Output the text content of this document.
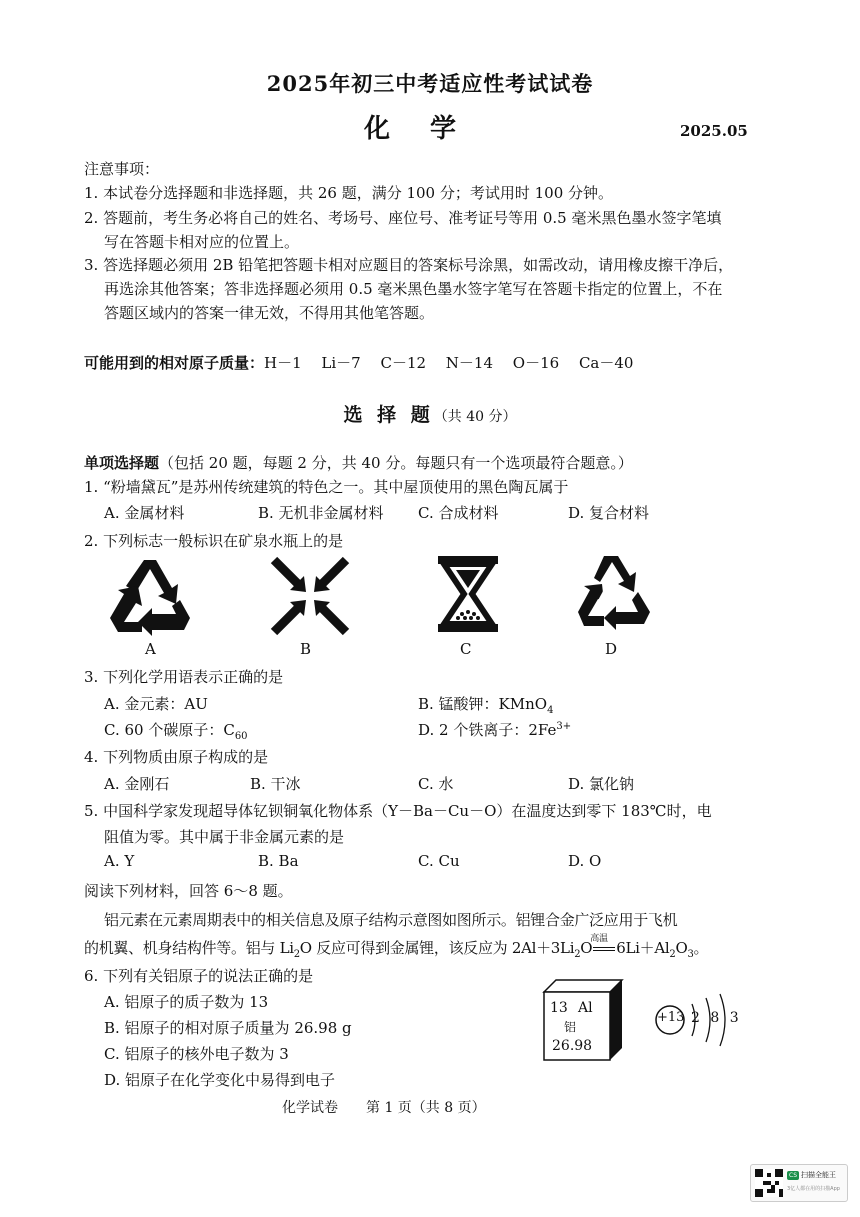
2025年初三中考适应性考试试卷
化学	2025.05
注意事项：
1. 本试卷分选择题和非选择题，共 26 题，满分 100 分；考试用时 100 分钟。
2. 答题前，考生务必将自己的姓名、考场号、座位号、准考证号等用 0.5 毫米黑色墨水签字笔填
写在答题卡相对应的位置上。
3. 答选择题必须用 2B 铅笔把答题卡相对应题目的答案标号涂黑，如需改动，请用橡皮擦干净后，
再选涂其他答案；答非选择题必须用 0.5 毫米黑色墨水签字笔写在答题卡指定的位置上，不在
答题区域内的答案一律无效，不得用其他笔答题。
可能用到的相对原子质量：H－1　 Li－7　 C－12　 N－14　 O－16　 Ca－40
选 择 题（共 40 分）
单项选择题（包括 20 题，每题 2 分，共 40 分。每题只有一个选项最符合题意。）
1. “粉墙黛瓦”是苏州传统建筑的特色之一。其中屋顶使用的黑色陶瓦属于
A. 金属材料	B. 无机非金属材料 C. 合成材料	D. 复合材料
2. 下列标志一般标识在矿泉水瓶上的是
A	B	C	D
3. 下列化学用语表示正确的是
A. 金元素：AU	B. 锰酸钾：KMnO$_4$
C. 60 个碳原子：$C_{60}$	D. 2 个铁离子：$2Fe^{3+}$
4. 下列物质由原子构成的是
A. 金刚石	B. 干冰	C. 水	D. 氯化钠
5. 中国科学家发现超导体钇钡铜氧化物体系（Y－Ba－Cu－O）在温度达到零下 183℃时，电
阻值为零。其中属于非金属元素的是
A. Y	B. Ba	C. Cu	D. O
阅读下列材料，回答 6～8 题。
铝元素在元素周期表中的相关信息及原子结构示意图如图所示。铝锂合金广泛应用于飞机
的机翼、机身结构件等。铝与 $Li_2O$ 反应可得到金属锂，该反应为 $2Al+3Li_2O$
高温 $6Li+Al_2O_3$。
6. 下列有关铝原子的说法正确的是
A. 铝原子的质子数为 13
B. 铝原子的相对原子质量为 26.98 g
C. 铝原子的核外电子数为 3
D. 铝原子在化学变化中易得到电子
13 Al
铝
26.98
+13 2 8 3
化学试卷　　第 1 页（共 8 页）
CS 扫描全能王
3亿人都在用的扫描App
